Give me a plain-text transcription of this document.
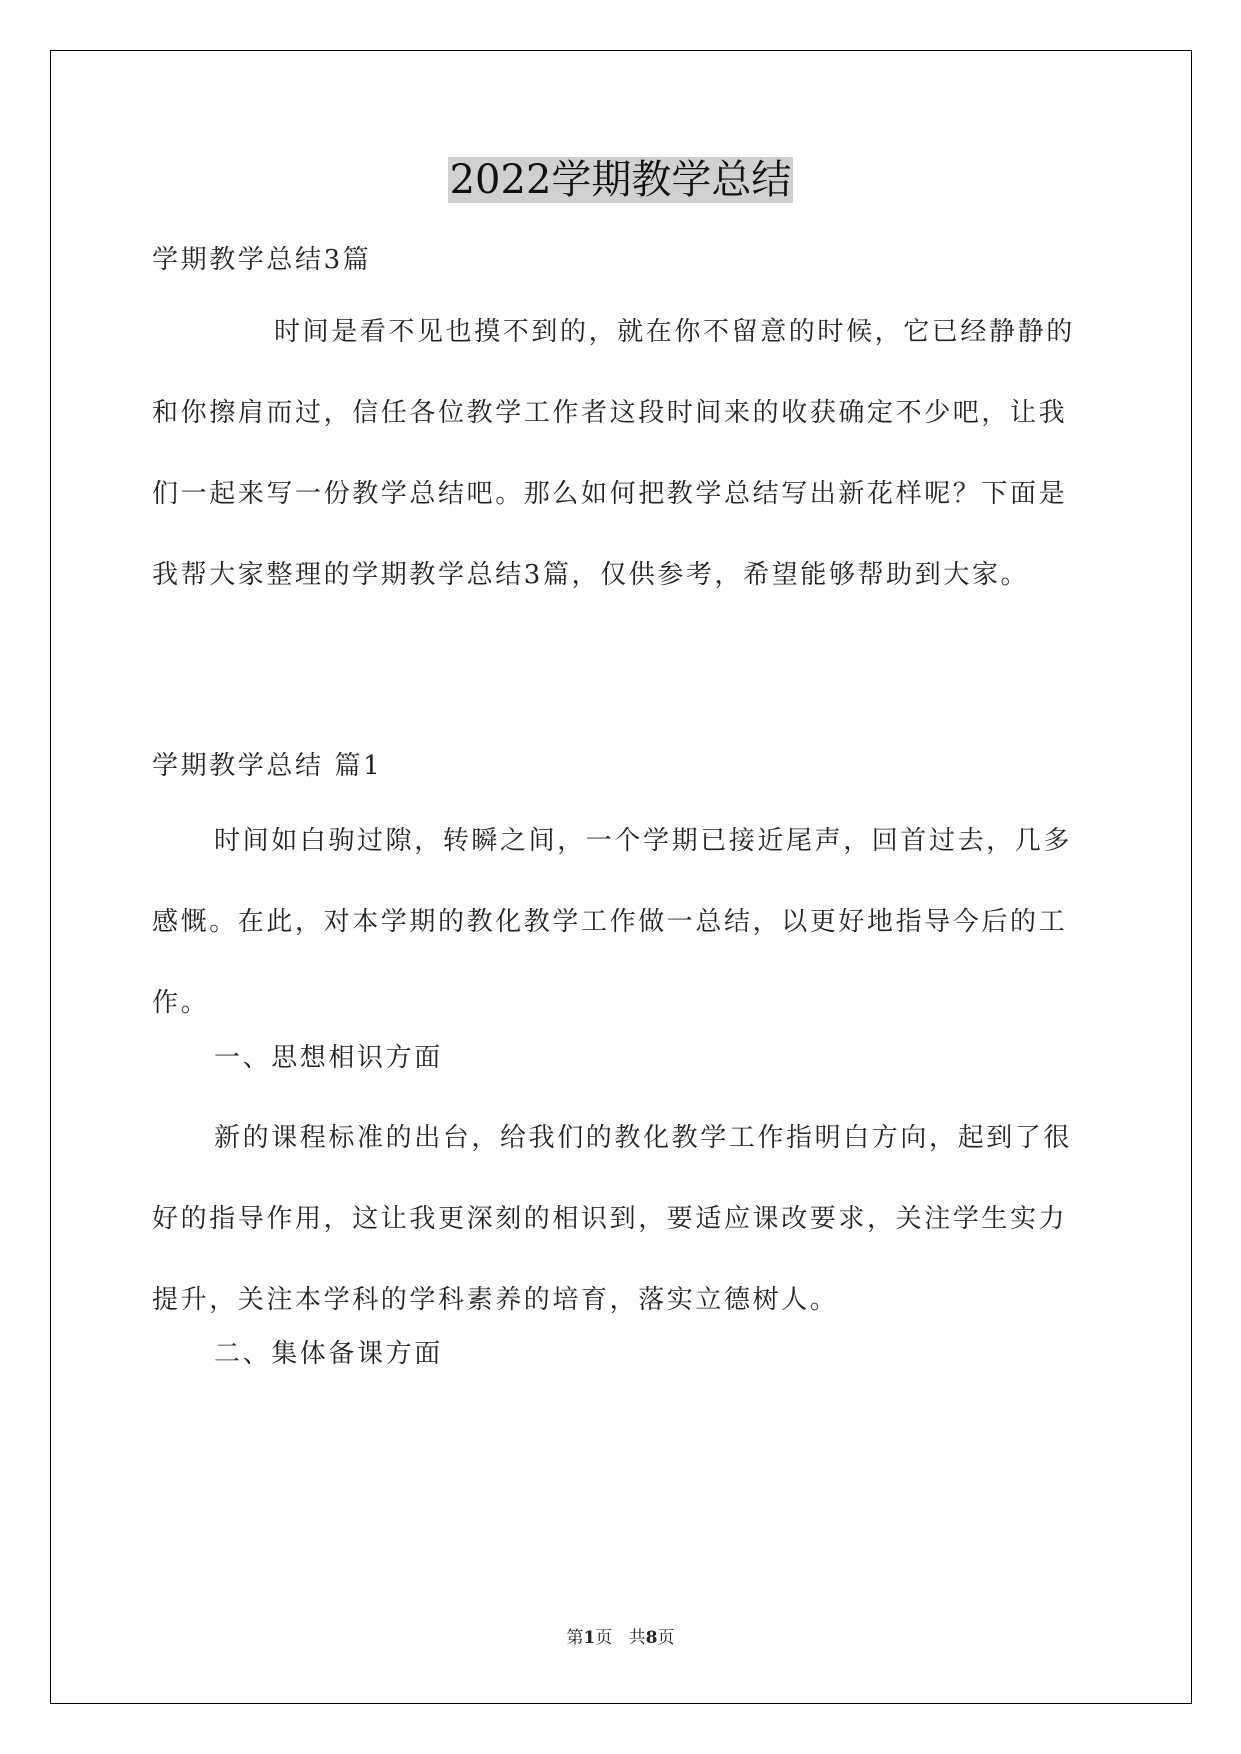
2022学期教学总结

学期教学总结3篇

时间是看不见也摸不到的，就在你不留意的时候，它已经静静的和你擦肩而过，信任各位教学工作者这段时间来的收获确定不少吧，让我们一起来写一份教学总结吧。那么如何把教学总结写出新花样呢？下面是我帮大家整理的学期教学总结3篇，仅供参考，希望能够帮助到大家。

学期教学总结 篇1

时间如白驹过隙，转瞬之间，一个学期已接近尾声，回首过去，几多感慨。在此，对本学期的教化教学工作做一总结，以更好地指导今后的工作。

一、思想相识方面

新的课程标准的出台，给我们的教化教学工作指明白方向，起到了很好的指导作用，这让我更深刻的相识到，要适应课改要求，关注学生实力提升，关注本学科的学科素养的培育，落实立德树人。

二、集体备课方面

第1页 共8页
